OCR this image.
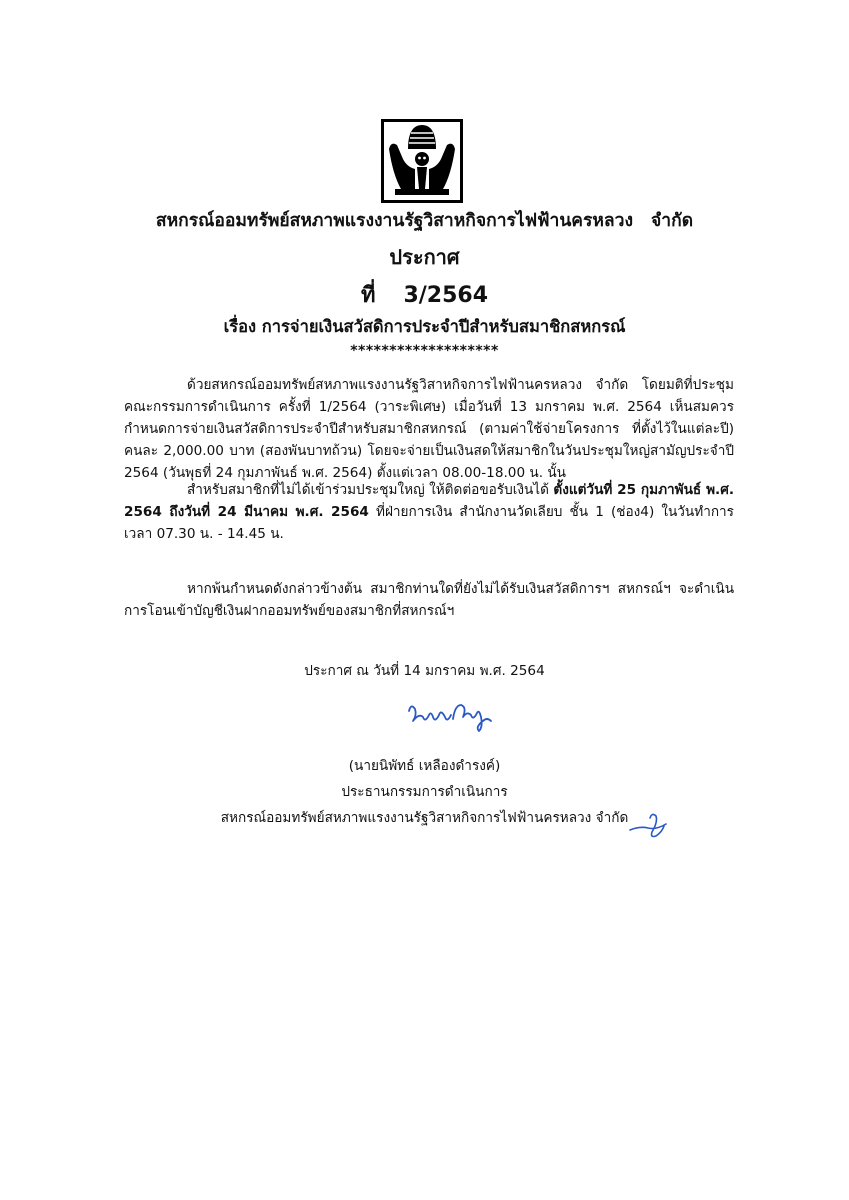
สหกรณ์ออมทรัพย์สหภาพแรงงานรัฐวิสาหกิจการไฟฟ้านครหลวง จำกัด
ประกาศ
ที่ 3/2564
เรื่อง การจ่ายเงินสวัสดิการประจำปีสำหรับสมาชิกสหกรณ์
*******************

ด้วยสหกรณ์ออมทรัพย์สหภาพแรงงานรัฐวิสาหกิจการไฟฟ้านครหลวง จำกัด โดยมติที่ประชุมคณะกรรมการดำเนินการ ครั้งที่ 1/2564 (วาระพิเศษ) เมื่อวันที่ 13 มกราคม พ.ศ. 2564 เห็นสมควรกำหนดการจ่ายเงินสวัสดิการประจำปีสำหรับสมาชิกสหกรณ์ (ตามค่าใช้จ่ายโครงการ ที่ตั้งไว้ในแต่ละปี) คนละ 2,000.00 บาท (สองพันบาทถ้วน) โดยจะจ่ายเป็นเงินสดให้สมาชิกในวันประชุมใหญ่สามัญประจำปี 2564 (วันพุธที่ 24 กุมภาพันธ์ พ.ศ. 2564) ตั้งแต่เวลา 08.00-18.00 น. นั้น

สำหรับสมาชิกที่ไม่ได้เข้าร่วมประชุมใหญ่ ให้ติดต่อขอรับเงินได้ ตั้งแต่วันที่ 25 กุมภาพันธ์ พ.ศ. 2564 ถึงวันที่ 24 มีนาคม พ.ศ. 2564 ที่ฝ่ายการเงิน สำนักงานวัดเลียบ ชั้น 1 (ช่อง4) ในวันทำการ เวลา 07.30 น. - 14.45 น.

หากพ้นกำหนดดังกล่าวข้างต้น สมาชิกท่านใดที่ยังไม่ได้รับเงินสวัสดิการฯ สหกรณ์ฯ จะดำเนินการโอนเข้าบัญชีเงินฝากออมทรัพย์ของสมาชิกที่สหกรณ์ฯ

ประกาศ ณ วันที่ 14 มกราคม พ.ศ. 2564
(นายนิพัทธ์ เหลืองดำรงค์)
ประธานกรรมการดำเนินการ
สหกรณ์ออมทรัพย์สหภาพแรงงานรัฐวิสาหกิจการไฟฟ้านครหลวง จำกัด
